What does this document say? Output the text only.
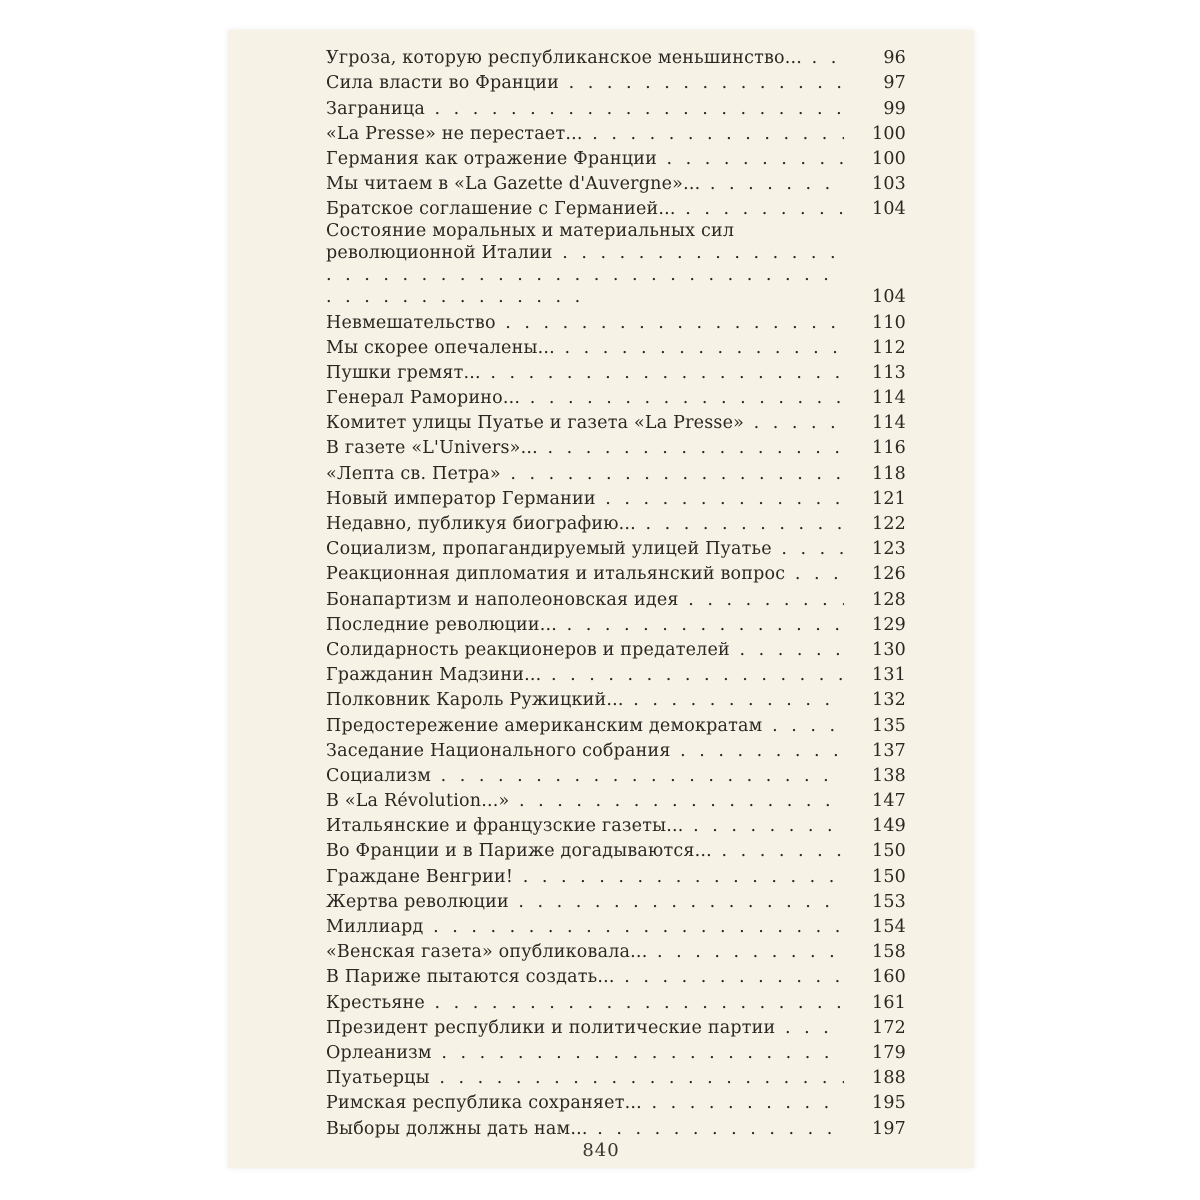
Угроза, которую республиканское меньшинство... . . .	96
Сила власти во Франции . . .	97
Заграница . . .	99
«La Presse» не перестает... . . .	100
Германия как отражение Франции . . .	100
Мы читаем в «La Gazette d'Auvergne»... . . .	103
Братское соглашение с Германией... . . .	104
Состояние моральных и материальных сил революционной Италии . . .
104
Невмешательство . . .	110
Мы скорее опечалены... . . .	112
Пушки гремят... . . .	113
Генерал Раморино... . . .	114
Комитет улицы Пуатье и газета «La Presse» . . .	114
В газете «L'Univers»... . . .	116
«Лепта св. Петра» . . .	118
Новый император Германии . . .	121
Недавно, публикуя биографию... . . .	122
Социализм, пропагандируемый улицей Пуатье . . .	123
Реакционная дипломатия и итальянский вопрос . . .	126
Бонапартизм и наполеоновская идея . . .	128
Последние революции... . . .	129
Солидарность реакционеров и предателей . . .	130
Гражданин Мадзини... . . .	131
Полковник Кароль Ружицкий... . . .	132
Предостережение американским демократам . . .	135
Заседание Национального собрания . . .	137
Социализм . . .	138
В «La Révolution...» . . .	147
Итальянские и французские газеты... . . .	149
Во Франции и в Париже догадываются... . . .	150
Граждане Венгрии! . . .	150
Жертва революции . . .	153
Миллиард . . .	154
«Венская газета» опубликовала... . . .	158
В Париже пытаются создать... . . .	160
Крестьяне . . .	161
Президент республики и политические партии . . .	172
Орлеанизм . . .	179
Пуатьерцы . . .	188
Римская республика сохраняет... . . .	195
Выборы должны дать нам... . . .	197
840
